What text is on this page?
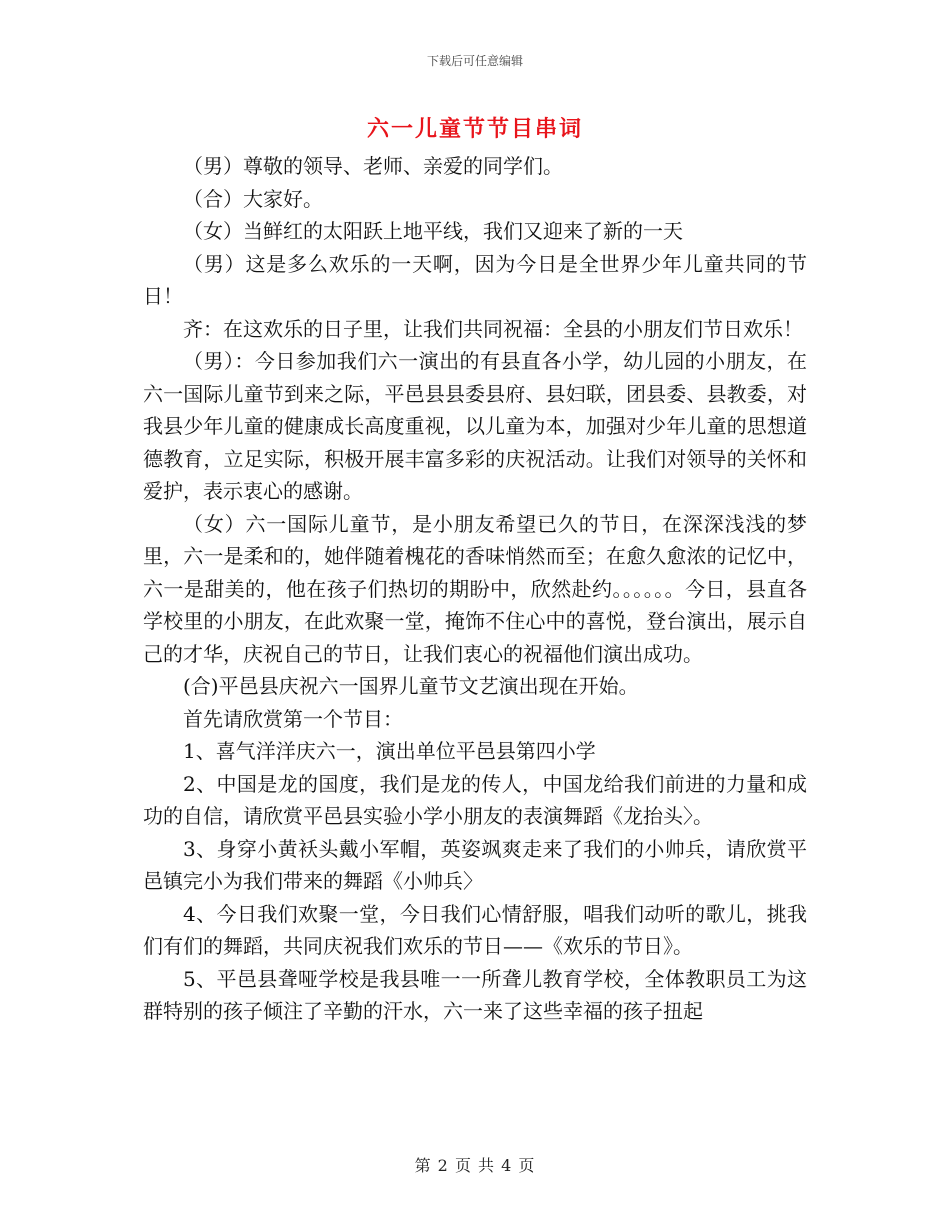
下载后可任意编辑
六一儿童节节目串词

（男）尊敬的领导、老师、亲爱的同学们。

（合）大家好。

（女）当鲜红的太阳跃上地平线，我们又迎来了新的一天

（男）这是多么欢乐的一天啊，因为今日是全世界少年儿童共同的节日！

齐：在这欢乐的日子里，让我们共同祝福：全县的小朋友们节日欢乐！

（男）：今日参加我们六一演出的有县直各小学，幼儿园的小朋友，在六一国际儿童节到来之际，平邑县县委县府、县妇联，团县委、县教委，对我县少年儿童的健康成长高度重视，以儿童为本，加强对少年儿童的思想道德教育，立足实际，积极开展丰富多彩的庆祝活动。让我们对领导的关怀和爱护，表示衷心的感谢。

（女）六一国际儿童节，是小朋友希望已久的节日，在深深浅浅的梦里，六一是柔和的，她伴随着槐花的香味悄然而至；在愈久愈浓的记忆中，六一是甜美的，他在孩子们热切的期盼中，欣然赴约。。。。。。今日，县直各学校里的小朋友，在此欢聚一堂，掩饰不住心中的喜悦，登台演出，展示自己的才华，庆祝自己的节日，让我们衷心的祝福他们演出成功。

(合)平邑县庆祝六一国界儿童节文艺演出现在开始。

首先请欣赏第一个节目：

1、喜气洋洋庆六一，演出单位平邑县第四小学

2、中国是龙的国度，我们是龙的传人，中国龙给我们前进的力量和成功的自信，请欣赏平邑县实验小学小朋友的表演舞蹈《龙抬头〉。

3、身穿小黄袄头戴小军帽，英姿飒爽走来了我们的小帅兵，请欣赏平邑镇完小为我们带来的舞蹈《小帅兵〉

4、今日我们欢聚一堂，今日我们心情舒服，唱我们动听的歌儿，挑我们有们的舞蹈，共同庆祝我们欢乐的节日——《欢乐的节日》。

5、平邑县聋哑学校是我县唯一一所聋儿教育学校，全体教职员工为这群特别的孩子倾注了辛勤的汗水，六一来了这些幸福的孩子扭起

第 2 页 共 4 页
